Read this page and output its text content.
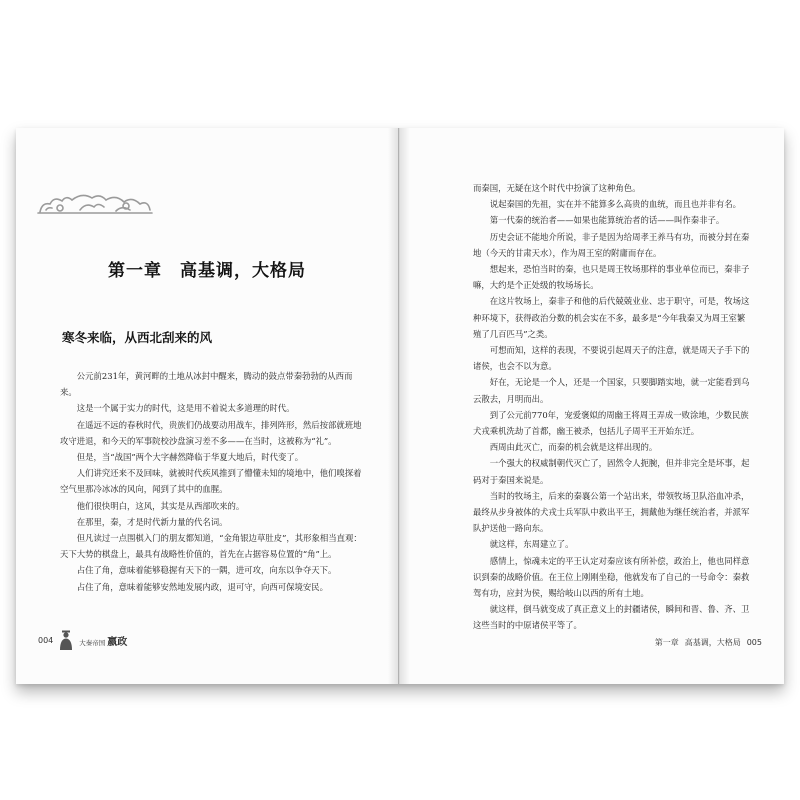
第一章　高基调，大格局
寒冬来临，从西北刮来的风

公元前231年，黄河畔的土地从冰封中醒来，腾动的鼓点带秦勃勃的从西而来。

这是一个属于实力的时代，这是用不着说太多道理的时代。

在遥远不远的春秋时代，贵族们仍战要动用战车，排列阵形，然后按部就班地攻守进退，和今天的军事院校沙盘演习差不多——在当时，这被称为“礼”。

但是，当“战国”两个大字赫然降临于华夏大地后，时代变了。

人们讲究还来不及回味，就被时代疾风推到了懵懂未知的境地中，他们嗅探着空气里那冷冰冰的风向，闻到了其中的血腥。

他们很快明白，这风，其实是从西部吹来的。

在那里，秦，才是时代新力量的代名词。

但凡读过一点围棋入门的朋友都知道，“金角银边草肚皮”，其形象相当直观：天下大势的棋盘上，最具有战略性价值的，首先在占据容易位置的“角”上。

占住了角，意味着能够稳握有天下的一隅，进可攻，向东以争夺天下。

占住了角，意味着能够安然地发展内政，退可守，向西可保境安民。

004	大秦帝国 嬴政

而秦国，无疑在这个时代中扮演了这种角色。

说起秦国的先祖，实在并不能算多么高贵的血统，而且也并非有名。

第一代秦的统治者——如果也能算统治者的话——叫作秦非子。

历史会证不能地介所说，非子是因为给周孝王养马有功，而被分封在秦地（今天的甘肃天水），作为周王室的附庸而存在。

想起来，恐怕当时的秦，也只是周王牧场那样的事业单位而已，秦非子嘛，大约是个正处级的牧场场长。

在这片牧场上，秦非子和他的后代兢兢业业、忠于职守，可是，牧场这种环境下，获得政治分数的机会实在不多，最多是“今年我秦又为周王室繁殖了几百匹马”之类。

可想而知，这样的表现，不要说引起周天子的注意，就是周天子手下的诸侯，也会不以为意。

好在，无论是一个人，还是一个国家，只要脚踏实地，就一定能看到乌云散去，月明而出。

到了公元前770年，宠爱褒姒的周幽王将周王弄成一败涂地，少数民族犬戎乘机洗劫了首都，幽王被杀，包括儿子周平王开始东迁。

西周由此灭亡，而秦的机会就是这样出现的。

一个强大的权威制朝代灭亡了，固然令人扼腕，但并非完全是坏事，起码对于秦国来说是。

当时的牧场主，后来的秦襄公第一个站出来，带领牧场卫队浴血冲杀，最终从步身被体的犬戎士兵军队中救出平王，拥戴他为继任统治者，并派军队护送他一路向东。

就这样，东周建立了。

感情上，惊魂未定的平王认定对秦应该有所补偿，政治上，他也同样意识到秦的战略价值。在王位上刚刚坐稳，他就发布了自己的一号命令：秦救驾有功，应封为侯，赐给岐山以西的所有土地。

就这样，倒马就变成了真正意义上的封疆诸侯，瞬间和晋、鲁、齐、卫这些当时的中原诸侯平等了。

第一章 高基调，大格局 005
